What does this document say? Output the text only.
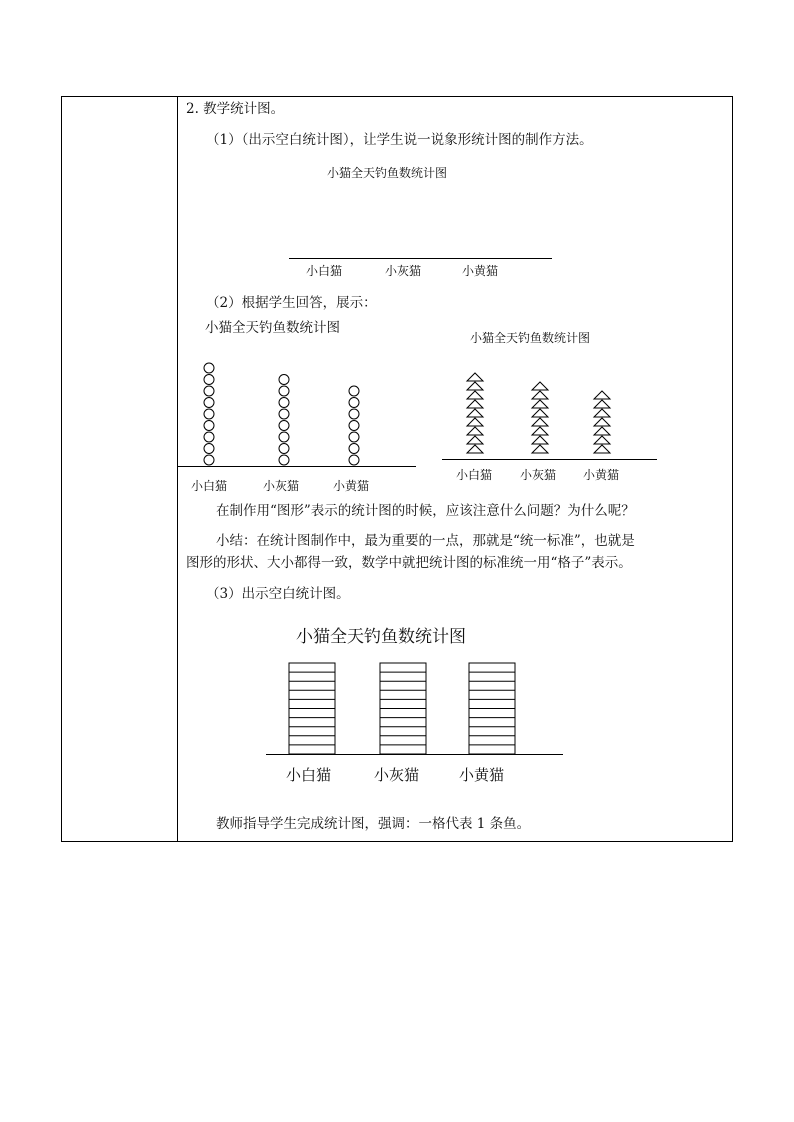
2. 教学统计图。
（1）（出示空白统计图），让学生说一说象形统计图的制作方法。
小猫全天钓鱼数统计图
小白猫	小灰猫	小黄猫
（2）根据学生回答，展示：
小猫全天钓鱼数统计图
小白猫	小灰猫	小黄猫
小猫全天钓鱼数统计图
小白猫 小灰猫 小黄猫
在制作用“图形”表示的统计图的时候，应该注意什么问题？为什么呢？
小结：在统计图制作中，最为重要的一点，那就是“统一标准”，也就是
图形的形状、大小都得一致，数学中就把统计图的标准统一用“格子”表示。
（3）出示空白统计图。
小猫全天钓鱼数统计图
小白猫	小灰猫	小黄猫
教师指导学生完成统计图，强调：一格代表 1 条鱼。
